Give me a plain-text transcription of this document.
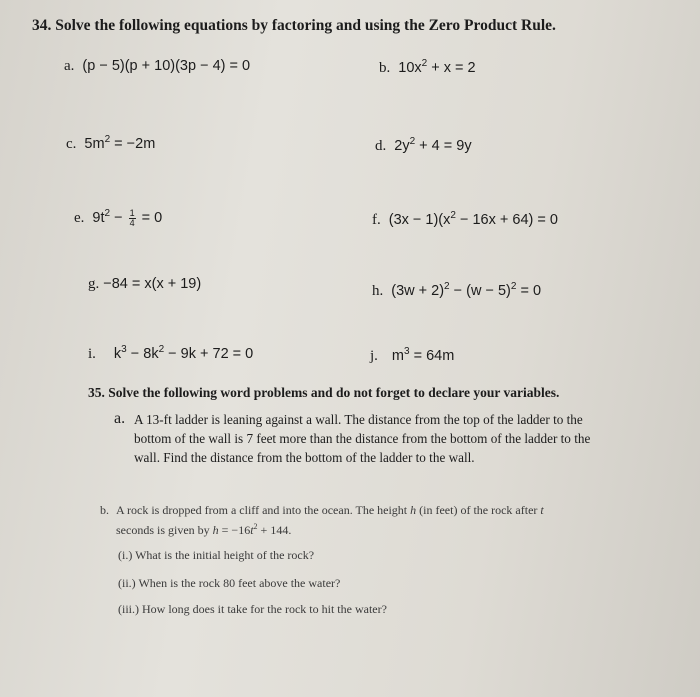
34. Solve the following equations by factoring and using the Zero Product Rule.
a. (p − 5)(p + 10)(3p − 4) = 0	b. $10x^2 + x = 2$
c. $5m^2 = -2m$	d. $2y^2 + 4 = 9y$
e. $9t^2 - \frac{1}{4} = 0$	f. $(3x - 1)(x^2 - 16x + 64) = 0$
g. −84 = x(x + 19)	h. $(3w + 2)^2 - (w - 5)^2 = 0$
i. $k^3 - 8k^2 - 9k + 72 = 0$	j. $m^3 = 64m$
35. Solve the following word problems and do not forget to declare your variables.
a. A 13-ft ladder is leaning against a wall. The distance from the top of the ladder to the bottom of the wall is 7 feet more than the distance from the bottom of the ladder to the wall. Find the distance from the bottom of the ladder to the wall.
b. A rock is dropped from a cliff and into the ocean. The height h (in feet) of the rock after t
seconds is given by $h = -16t^2 + 144$.
(i.) What is the initial height of the rock?
(ii.) When is the rock 80 feet above the water?
(iii.) How long does it take for the rock to hit the water?
